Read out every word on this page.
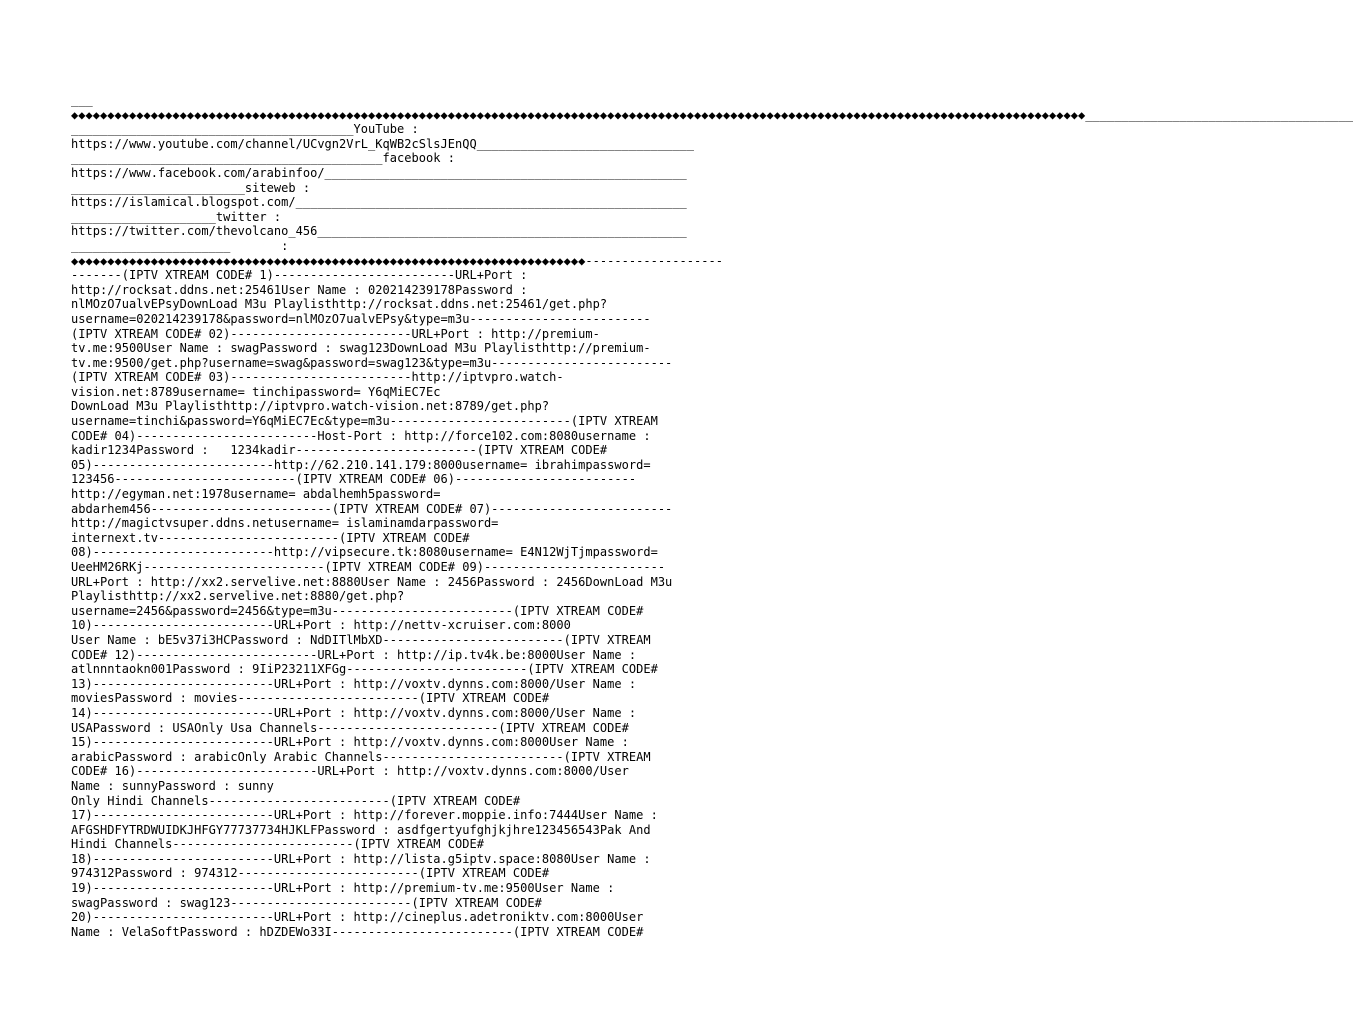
___
◆◆◆◆◆◆◆◆◆◆◆◆◆◆◆◆◆◆◆◆◆◆◆◆◆◆◆◆◆◆◆◆◆◆◆◆◆◆◆◆◆◆◆◆◆◆◆◆◆◆◆◆◆◆◆◆◆◆◆◆◆◆◆◆◆◆◆◆◆◆◆◆◆◆◆◆◆◆◆◆◆◆◆◆◆◆◆◆◆◆◆◆◆◆◆◆◆◆◆◆◆◆◆◆◆◆◆◆◆◆◆◆◆◆◆◆◆◆◆◆◆◆◆◆◆◆◆◆◆◆◆◆◆◆◆◆◆◆◆◆_____________________________________
_______________________________________YouTube :
https://www.youtube.com/channel/UCvgn2VrL_KqWB2cSlsJEnQQ______________________________
___________________________________________facebook :
https://www.facebook.com/arabinfoo/__________________________________________________
________________________siteweb :
https://islamical.blogspot.com/______________________________________________________
____________________twitter :
https://twitter.com/thevolcano_456___________________________________________________
______________________       :
◆◆◆◆◆◆◆◆◆◆◆◆◆◆◆◆◆◆◆◆◆◆◆◆◆◆◆◆◆◆◆◆◆◆◆◆◆◆◆◆◆◆◆◆◆◆◆◆◆◆◆◆◆◆◆◆◆◆◆◆◆◆◆◆◆◆◆◆◆◆◆-------------------
-------(IPTV XTREAM CODE# 1)-------------------------URL+Port :
http://rocksat.ddns.net:25461User Name : 020214239178Password :
nlMOzO7ualvEPsyDownLoad M3u Playlisthttp://rocksat.ddns.net:25461/get.php?
username=020214239178&password=nlMOzO7ualvEPsy&type=m3u-------------------------
(IPTV XTREAM CODE# 02)-------------------------URL+Port : http://premium-
tv.me:9500User Name : swagPassword : swag123DownLoad M3u Playlisthttp://premium-
tv.me:9500/get.php?username=swag&password=swag123&type=m3u-------------------------
(IPTV XTREAM CODE# 03)-------------------------http://iptvpro.watch-
vision.net:8789username= tinchipassword= Y6qMiEC7Ec
DownLoad M3u Playlisthttp://iptvpro.watch-vision.net:8789/get.php?
username=tinchi&password=Y6qMiEC7Ec&type=m3u-------------------------(IPTV XTREAM
CODE# 04)-------------------------Host-Port : http://force102.com:8080username :
kadir1234Password :   1234kadir-------------------------(IPTV XTREAM CODE#
05)-------------------------http://62.210.141.179:8000username= ibrahimpassword=
123456-------------------------(IPTV XTREAM CODE# 06)-------------------------
http://egyman.net:1978username= abdalhemh5password=
abdarhem456-------------------------(IPTV XTREAM CODE# 07)-------------------------
http://magictvsuper.ddns.netusername= islaminamdarpassword=
internext.tv-------------------------(IPTV XTREAM CODE#
08)-------------------------http://vipsecure.tk:8080username= E4N12WjTjmpassword=
UeeHM26RKj-------------------------(IPTV XTREAM CODE# 09)-------------------------
URL+Port : http://xx2.servelive.net:8880User Name : 2456Password : 2456DownLoad M3u
Playlisthttp://xx2.servelive.net:8880/get.php?
username=2456&password=2456&type=m3u-------------------------(IPTV XTREAM CODE#
10)-------------------------URL+Port : http://nettv-xcruiser.com:8000
User Name : bE5v37i3HCPassword : NdDITlMbXD-------------------------(IPTV XTREAM
CODE# 12)-------------------------URL+Port : http://ip.tv4k.be:8000User Name :
atlnnntaokn001Password : 9IiP23211XFGg-------------------------(IPTV XTREAM CODE#
13)-------------------------URL+Port : http://voxtv.dynns.com:8000/User Name :
moviesPassword : movies-------------------------(IPTV XTREAM CODE#
14)-------------------------URL+Port : http://voxtv.dynns.com:8000/User Name :
USAPassword : USAOnly Usa Channels-------------------------(IPTV XTREAM CODE#
15)-------------------------URL+Port : http://voxtv.dynns.com:8000User Name :
arabicPassword : arabicOnly Arabic Channels-------------------------(IPTV XTREAM
CODE# 16)-------------------------URL+Port : http://voxtv.dynns.com:8000/User
Name : sunnyPassword : sunny
Only Hindi Channels-------------------------(IPTV XTREAM CODE#
17)-------------------------URL+Port : http://forever.moppie.info:7444User Name :
AFGSHDFYTRDWUIDKJHFGY77737734HJKLFPassword : asdfgertyufghjkjhre123456543Pak And
Hindi Channels-------------------------(IPTV XTREAM CODE#
18)-------------------------URL+Port : http://lista.g5iptv.space:8080User Name :
974312Password : 974312-------------------------(IPTV XTREAM CODE#
19)-------------------------URL+Port : http://premium-tv.me:9500User Name :
swagPassword : swag123-------------------------(IPTV XTREAM CODE#
20)-------------------------URL+Port : http://cineplus.adetroniktv.com:8000User
Name : VelaSoftPassword : hDZDEWo33I-------------------------(IPTV XTREAM CODE#
